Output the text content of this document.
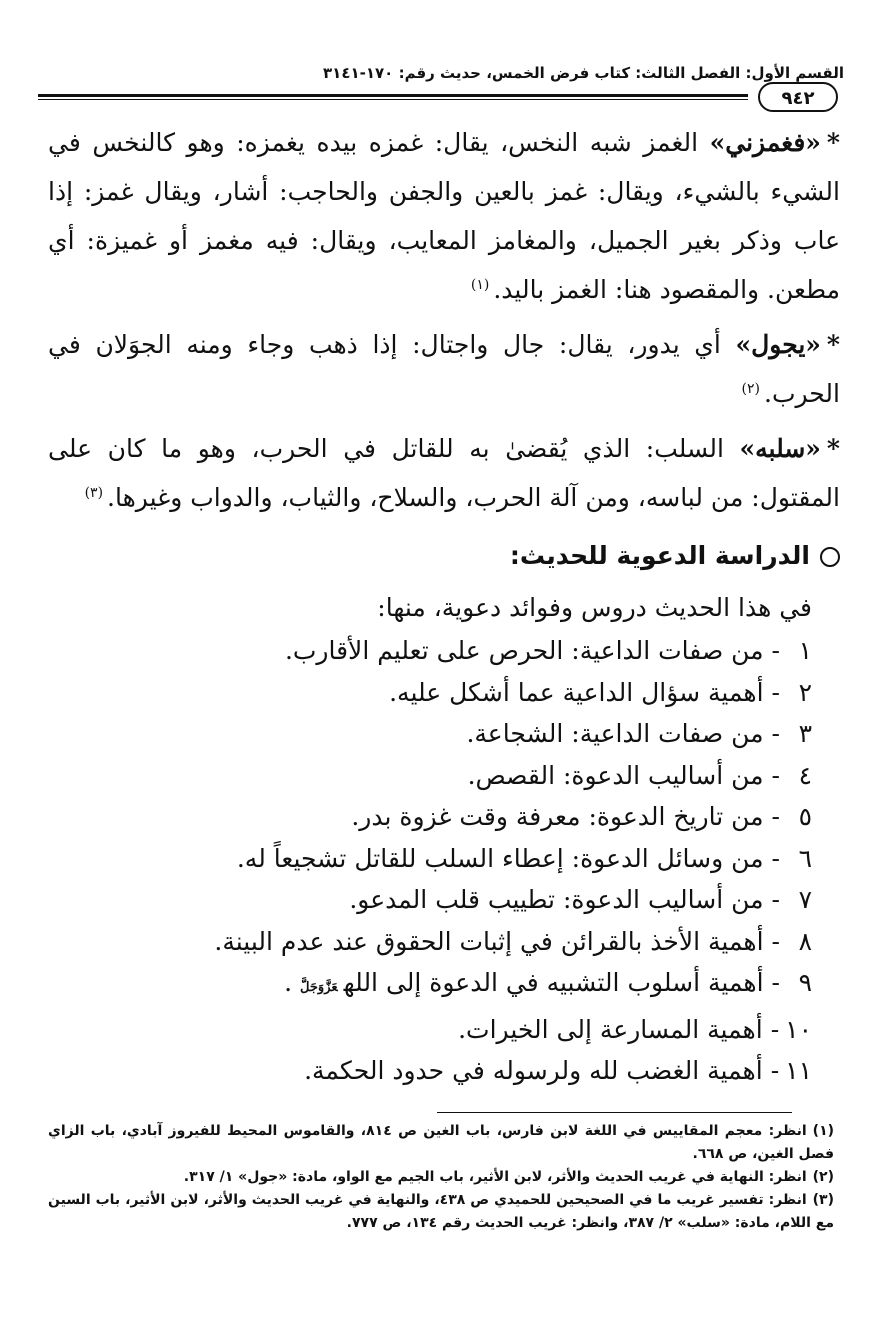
القسم الأول: الفصل الثالث: كتاب فرض الخمس، حديث رقم: ١٧٠-٣١٤١
٩٤٢

*«فغمزني» الغمز شبه النخس، يقال: غمزه بيده يغمزه: وهو كالنخس في الشيء بالشيء، ويقال: غمز بالعين والجفن والحاجب: أشار، ويقال غمز: إذا عاب وذكر بغير الجميل، والمغامز المعايب، ويقال: فيه مغمز أو غميزة: أي مطعن. والمقصود هنا: الغمز باليد.$^{(١)}$

*«يجول» أي يدور، يقال: جال واجتال: إذا ذهب وجاء ومنه الجوَلان في الحرب.$^{(٢)}$

*«سلبه» السلب: الذي يُقضىٰ به للقاتل في الحرب، وهو ما كان على المقتول: من لباسه، ومن آلة الحرب، والسلاح، والثياب، والدواب وغيرها.$^{(٣)}$

الدراسة الدعوية للحديث:

في هذا الحديث دروس وفوائد دعوية، منها:

١-من صفات الداعية: الحرص على تعليم الأقارب.
٢-أهمية سؤال الداعية عما أشكل عليه.
٣-من صفات الداعية: الشجاعة.
٤-من أساليب الدعوة: القصص.
٥-من تاريخ الدعوة: معرفة وقت غزوة بدر.
٦-من وسائل الدعوة: إعطاء السلب للقاتل تشجيعاً له.
٧-من أساليب الدعوة: تطييب قلب المدعو.
٨-أهمية الأخذ بالقرائن في إثبات الحقوق عند عدم البينة.
٩-أهمية أسلوب التشبيه في الدعوة إلى اللهعَزَّوَجَلَّ .
١٠-أهمية المسارعة إلى الخيرات.
١١-أهمية الغضب لله ولرسوله في حدود الحكمة.

(١)انظر: معجم المقاييس في اللغة لابن فارس، باب الغين ص ٨١٤، والقاموس المحيط للفيروز آبادي، باب الزاي فصل الغين، ص ٦٦٨.

(٢)انظر: النهاية في غريب الحديث والأثر، لابن الأثير، باب الجيم مع الواو، مادة: «جول» ١/ ٣١٧.

(٣)انظر: تفسير غريب ما في الصحيحين للحميدي ص ٤٣٨، والنهاية في غريب الحديث والأثر، لابن الأثير، باب السين مع اللام، مادة: «سلب» ٢/ ٣٨٧، وانظر: غريب الحديث رقم ١٣٤، ص ٧٧٧.
